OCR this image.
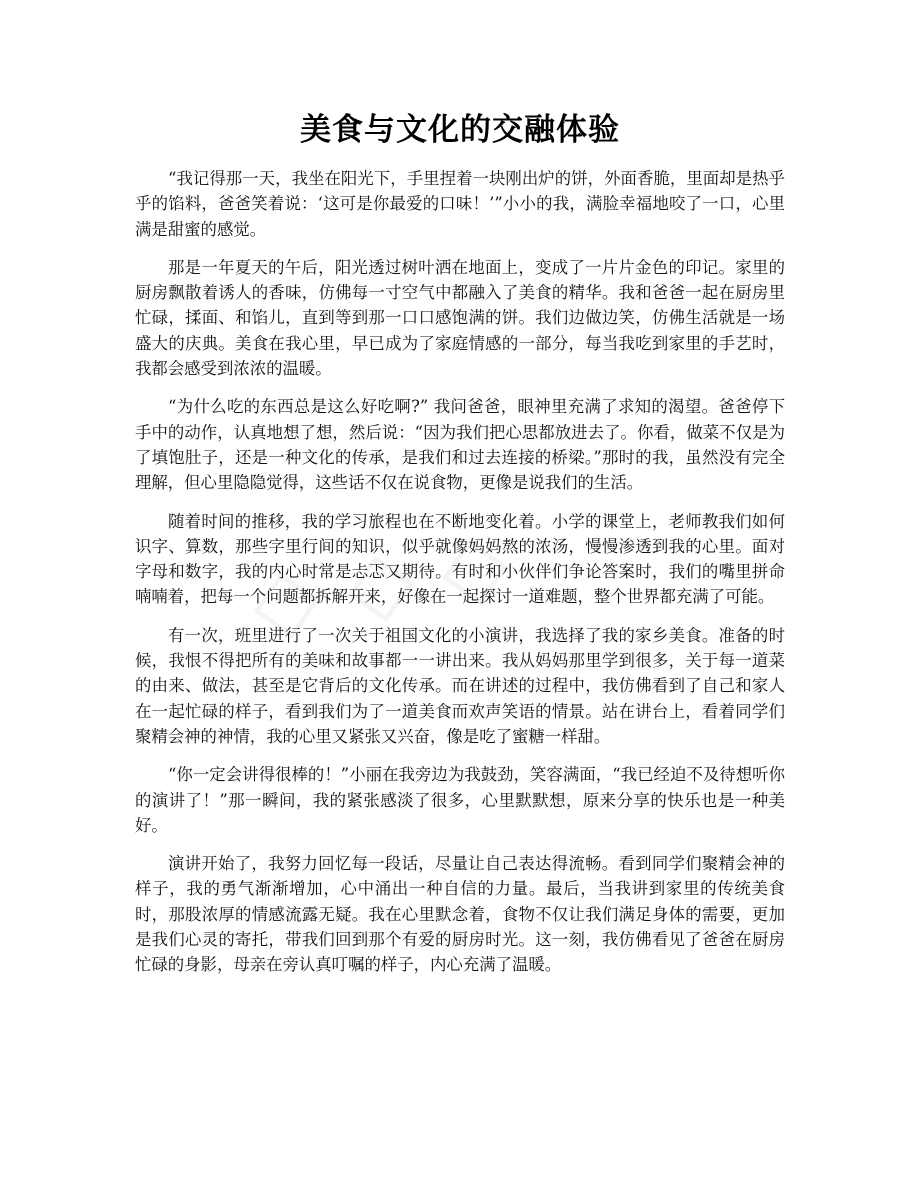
美食与文化的交融体验

“我记得那一天，我坐在阳光下，手里捏着一块刚出炉的饼，外面香脆，里面却是热乎乎的馅料，爸爸笑着说：‘这可是你最爱的口味！’”小小的我，满脸幸福地咬了一口，心里满是甜蜜的感觉。

那是一年夏天的午后，阳光透过树叶洒在地面上，变成了一片片金色的印记。家里的厨房飘散着诱人的香味，仿佛每一寸空气中都融入了美食的精华。我和爸爸一起在厨房里忙碌，揉面、和馅儿，直到等到那一口口感饱满的饼。我们边做边笑，仿佛生活就是一场盛大的庆典。美食在我心里，早已成为了家庭情感的一部分，每当我吃到家里的手艺时，我都会感受到浓浓的温暖。

“为什么吃的东西总是这么好吃啊?” 我问爸爸，眼神里充满了求知的渴望。爸爸停下手中的动作，认真地想了想，然后说：“因为我们把心思都放进去了。你看，做菜不仅是为了填饱肚子，还是一种文化的传承，是我们和过去连接的桥梁。”那时的我，虽然没有完全理解，但心里隐隐觉得，这些话不仅在说食物，更像是说我们的生活。

随着时间的推移，我的学习旅程也在不断地变化着。小学的课堂上，老师教我们如何识字、算数，那些字里行间的知识，似乎就像妈妈熬的浓汤，慢慢渗透到我的心里。面对字母和数字，我的内心时常是忐忑又期待。有时和小伙伴们争论答案时，我们的嘴里拼命喃喃着，把每一个问题都拆解开来，好像在一起探讨一道难题，整个世界都充满了可能。

有一次，班里进行了一次关于祖国文化的小演讲，我选择了我的家乡美食。准备的时候，我恨不得把所有的美味和故事都一一讲出来。我从妈妈那里学到很多，关于每一道菜的由来、做法，甚至是它背后的文化传承。而在讲述的过程中，我仿佛看到了自己和家人在一起忙碌的样子，看到我们为了一道美食而欢声笑语的情景。站在讲台上，看着同学们聚精会神的神情，我的心里又紧张又兴奋，像是吃了蜜糖一样甜。

“你一定会讲得很棒的！”小丽在我旁边为我鼓劲，笑容满面，“我已经迫不及待想听你的演讲了！”那一瞬间，我的紧张感淡了很多，心里默默想，原来分享的快乐也是一种美好。

演讲开始了，我努力回忆每一段话，尽量让自己表达得流畅。看到同学们聚精会神的样子，我的勇气渐渐增加，心中涌出一种自信的力量。最后，当我讲到家里的传统美食时，那股浓厚的情感流露无疑。我在心里默念着，食物不仅让我们满足身体的需要，更加是我们心灵的寄托，带我们回到那个有爱的厨房时光。这一刻，我仿佛看见了爸爸在厨房忙碌的身影，母亲在旁认真叮嘱的样子，内心充满了温暖。
